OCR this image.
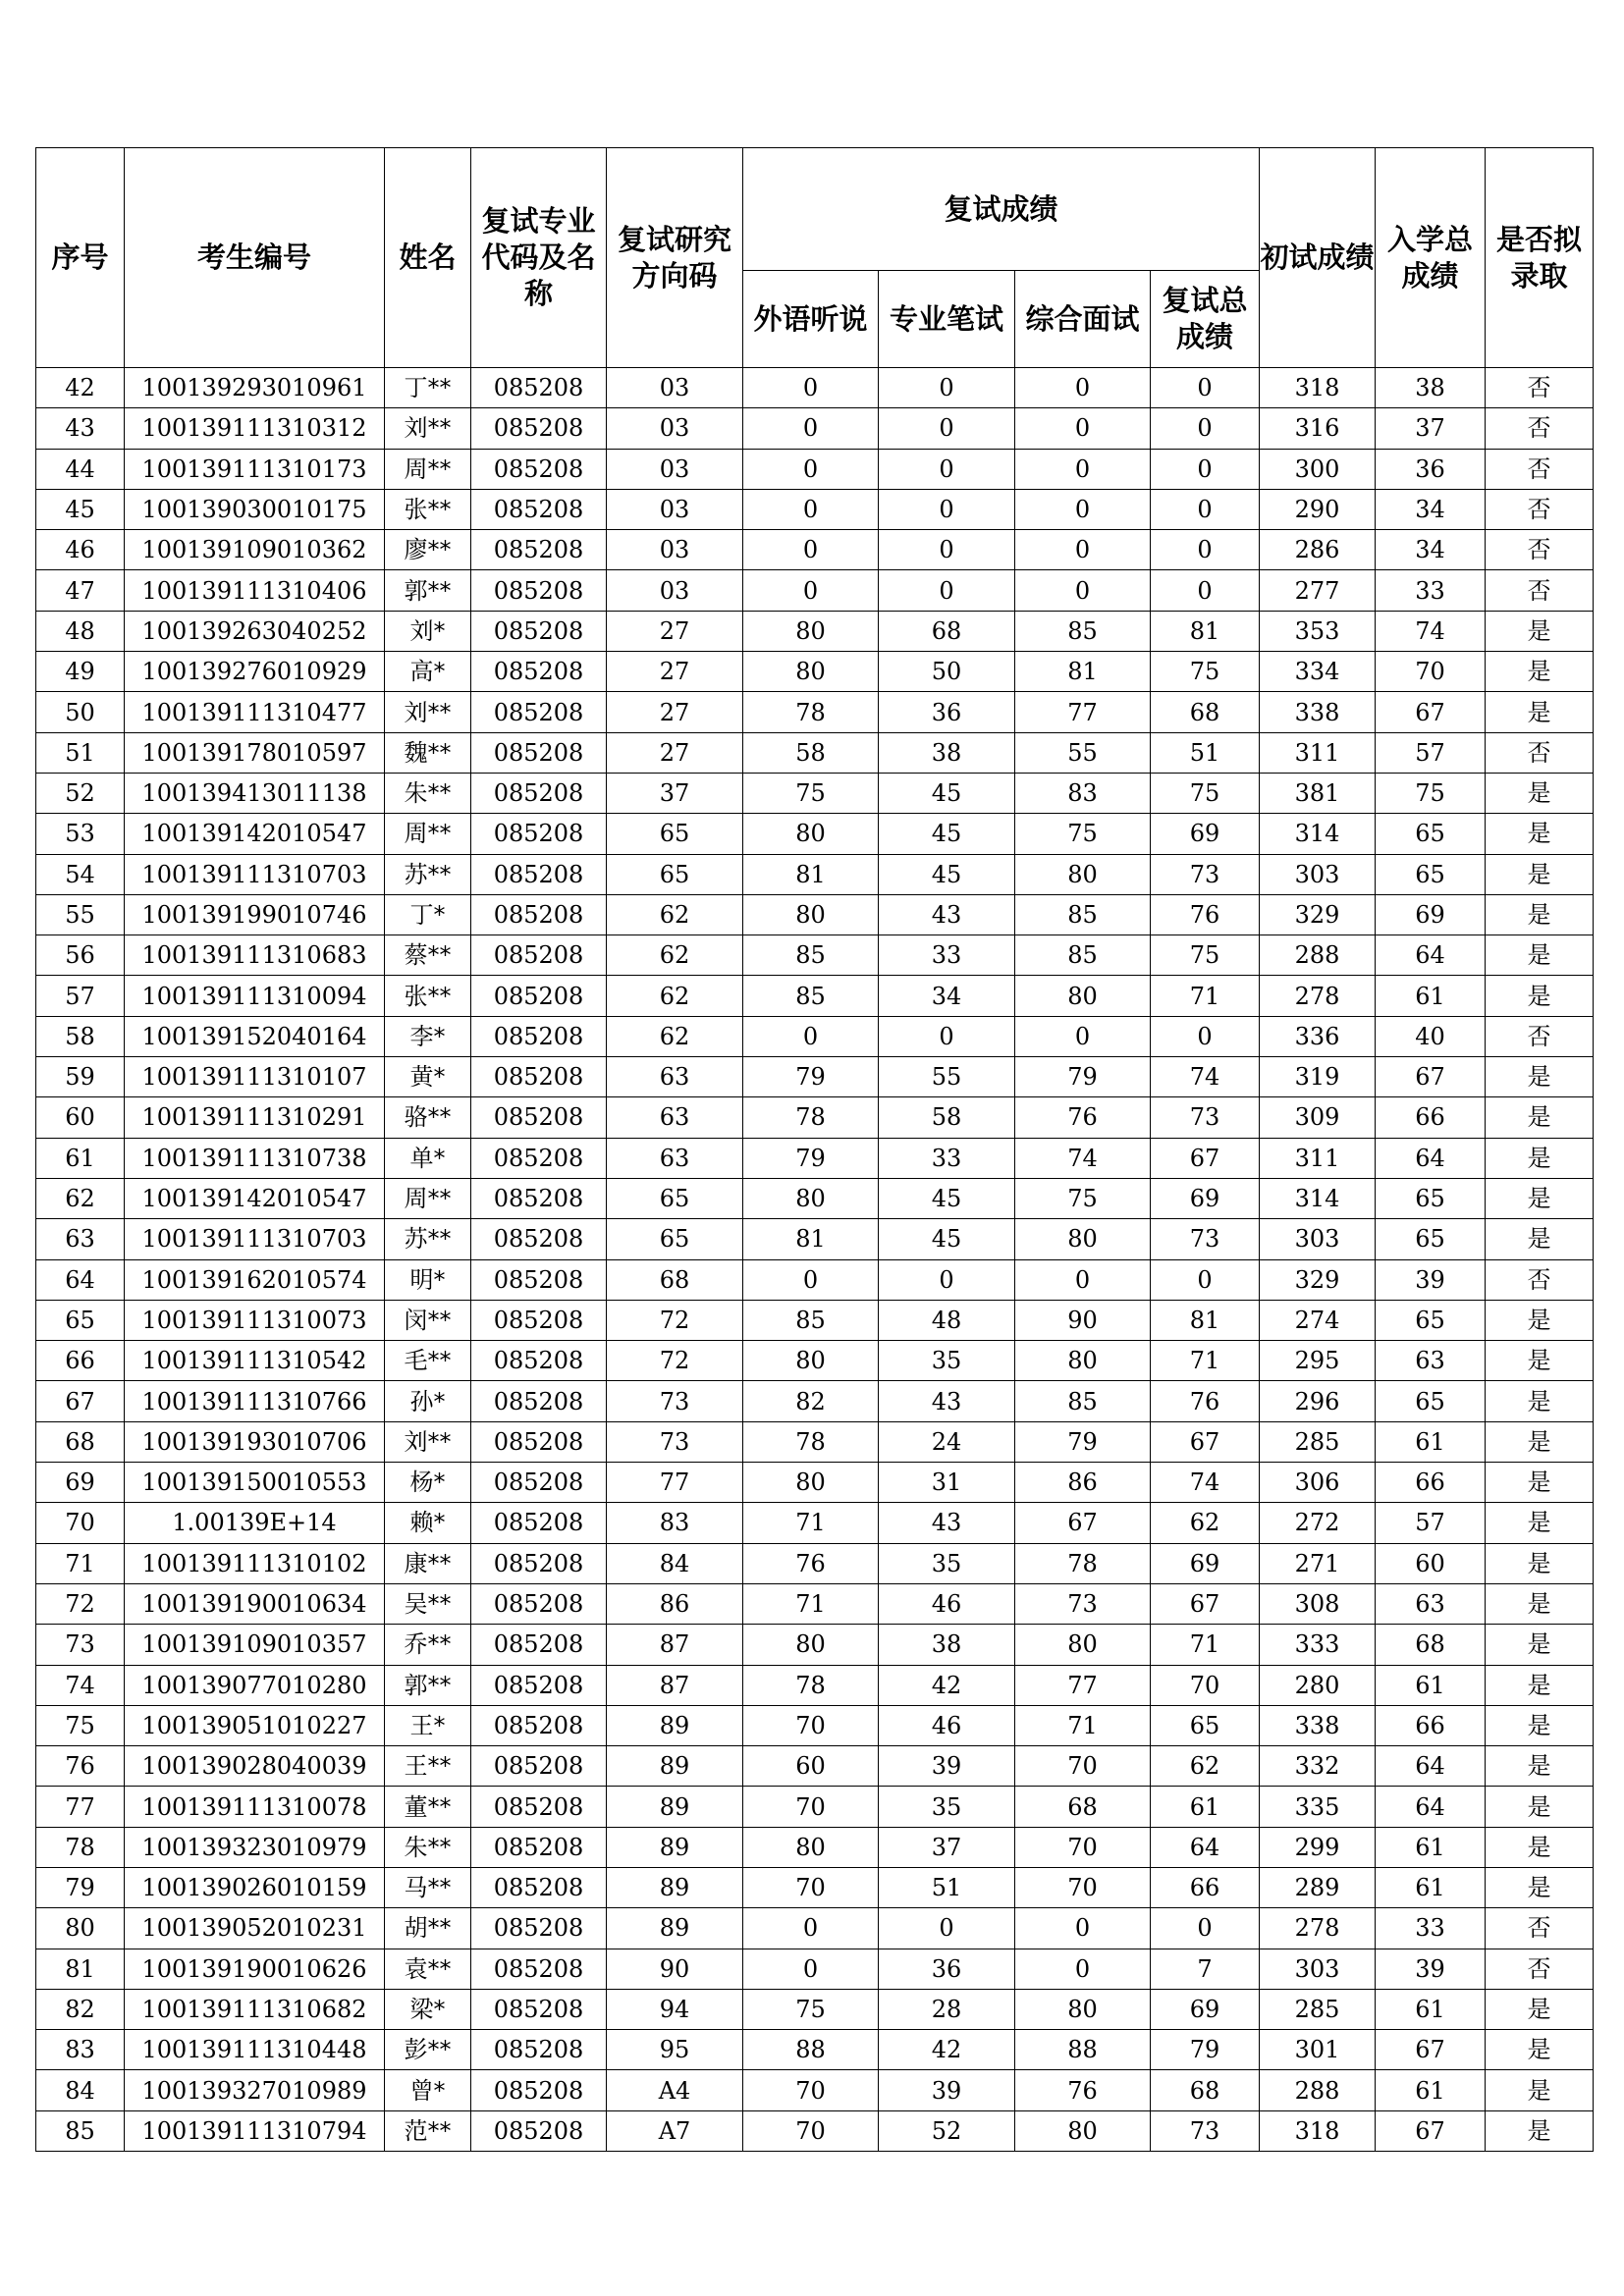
序号	考生编号	姓名	复试专业代码及名称	复试研究方向码	复试成绩				初试成绩	入学总成绩	是否拟录取
					外语听说	专业笔试	综合面试	复试总成绩			
42	100139293010961	丁**	085208	03	0	0	0	0	318	38	否
43	100139111310312	刘**	085208	03	0	0	0	0	316	37	否
44	100139111310173	周**	085208	03	0	0	0	0	300	36	否
45	100139030010175	张**	085208	03	0	0	0	0	290	34	否
46	100139109010362	廖**	085208	03	0	0	0	0	286	34	否
47	100139111310406	郭**	085208	03	0	0	0	0	277	33	否
48	100139263040252	刘*	085208	27	80	68	85	81	353	74	是
49	100139276010929	高*	085208	27	80	50	81	75	334	70	是
50	100139111310477	刘**	085208	27	78	36	77	68	338	67	是
51	100139178010597	魏**	085208	27	58	38	55	51	311	57	否
52	100139413011138	朱**	085208	37	75	45	83	75	381	75	是
53	100139142010547	周**	085208	65	80	45	75	69	314	65	是
54	100139111310703	苏**	085208	65	81	45	80	73	303	65	是
55	100139199010746	丁*	085208	62	80	43	85	76	329	69	是
56	100139111310683	蔡**	085208	62	85	33	85	75	288	64	是
57	100139111310094	张**	085208	62	85	34	80	71	278	61	是
58	100139152040164	李*	085208	62	0	0	0	0	336	40	否
59	100139111310107	黄*	085208	63	79	55	79	74	319	67	是
60	100139111310291	骆**	085208	63	78	58	76	73	309	66	是
61	100139111310738	单*	085208	63	79	33	74	67	311	64	是
62	100139142010547	周**	085208	65	80	45	75	69	314	65	是
63	100139111310703	苏**	085208	65	81	45	80	73	303	65	是
64	100139162010574	明*	085208	68	0	0	0	0	329	39	否
65	100139111310073	闵**	085208	72	85	48	90	81	274	65	是
66	100139111310542	毛**	085208	72	80	35	80	71	295	63	是
67	100139111310766	孙*	085208	73	82	43	85	76	296	65	是
68	100139193010706	刘**	085208	73	78	24	79	67	285	61	是
69	100139150010553	杨*	085208	77	80	31	86	74	306	66	是
70	1.00139E+14	赖*	085208	83	71	43	67	62	272	57	是
71	100139111310102	康**	085208	84	76	35	78	69	271	60	是
72	100139190010634	吴**	085208	86	71	46	73	67	308	63	是
73	100139109010357	乔**	085208	87	80	38	80	71	333	68	是
74	100139077010280	郭**	085208	87	78	42	77	70	280	61	是
75	100139051010227	王*	085208	89	70	46	71	65	338	66	是
76	100139028040039	王**	085208	89	60	39	70	62	332	64	是
77	100139111310078	董**	085208	89	70	35	68	61	335	64	是
78	100139323010979	朱**	085208	89	80	37	70	64	299	61	是
79	100139026010159	马**	085208	89	70	51	70	66	289	61	是
80	100139052010231	胡**	085208	89	0	0	0	0	278	33	否
81	100139190010626	袁**	085208	90	0	36	0	7	303	39	否
82	100139111310682	梁*	085208	94	75	28	80	69	285	61	是
83	100139111310448	彭**	085208	95	88	42	88	79	301	67	是
84	100139327010989	曾*	085208	A4	70	39	76	68	288	61	是
85	100139111310794	范**	085208	A7	70	52	80	73	318	67	是
